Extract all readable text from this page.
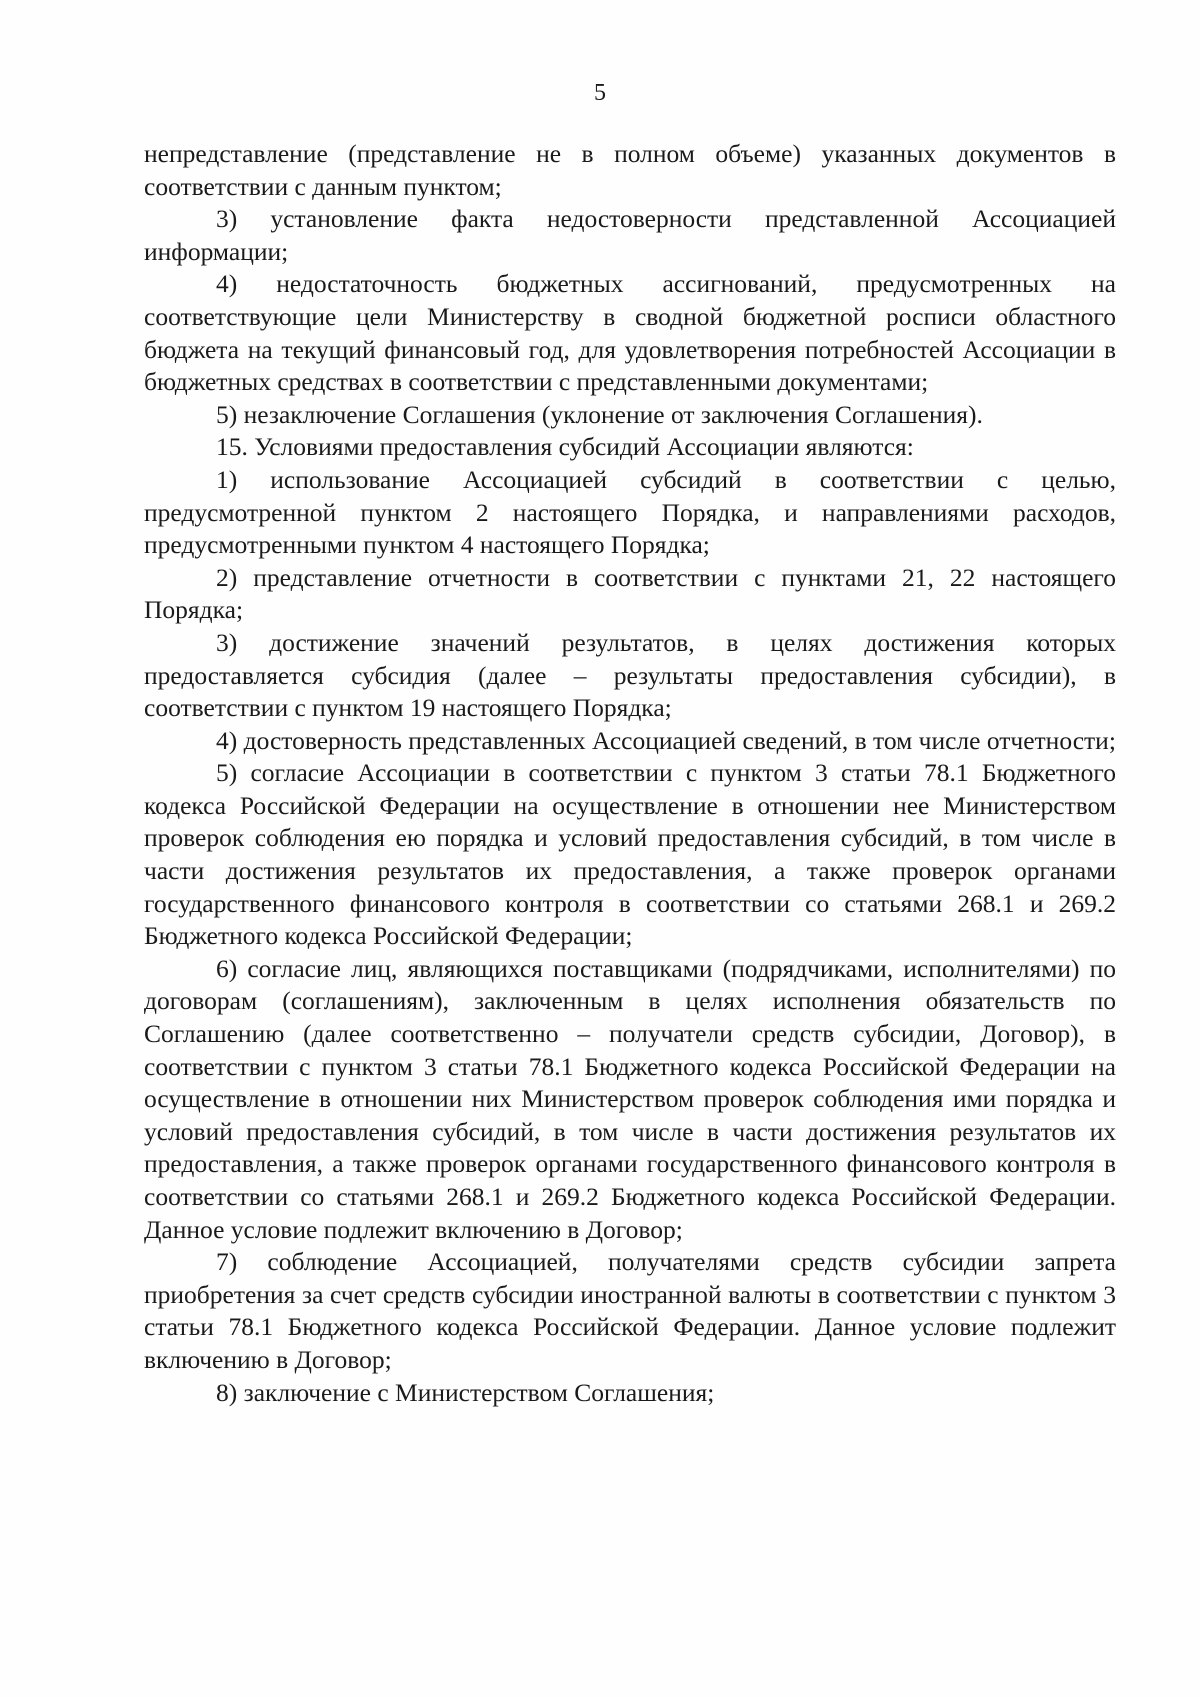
5

непредставление (представление не в полном объеме) указанных документов в соответствии с данным пунктом;

3) установление факта недостоверности представленной Ассоциацией информации;

4) недостаточность бюджетных ассигнований, предусмотренных на соответствующие цели Министерству в сводной бюджетной росписи областного бюджета на текущий финансовый год, для удовлетворения потребностей Ассоциации в бюджетных средствах в соответствии с представленными документами;

5) незаключение Соглашения (уклонение от заключения Соглашения).

15. Условиями предоставления субсидий Ассоциации являются:

1) использование Ассоциацией субсидий в соответствии с целью, предусмотренной пунктом 2 настоящего Порядка, и направлениями расходов, предусмотренными пунктом 4 настоящего Порядка;

2) представление отчетности в соответствии с пунктами 21, 22 настоящего Порядка;

3) достижение значений результатов, в целях достижения которых предоставляется субсидия (далее – результаты предоставления субсидии), в соответствии с пунктом 19 настоящего Порядка;

4) достоверность представленных Ассоциацией сведений, в том числе отчетности;

5) согласие Ассоциации в соответствии с пунктом 3 статьи 78.1 Бюджетного кодекса Российской Федерации на осуществление в отношении нее Министерством проверок соблюдения ею порядка и условий предоставления субсидий, в том числе в части достижения результатов их предоставления, а также проверок органами государственного финансового контроля в соответствии со статьями 268.1 и 269.2 Бюджетного кодекса Российской Федерации;

6) согласие лиц, являющихся поставщиками (подрядчиками, исполнителями) по договорам (соглашениям), заключенным в целях исполнения обязательств по Соглашению (далее соответственно – получатели средств субсидии, Договор), в соответствии с пунктом 3 статьи 78.1 Бюджетного кодекса Российской Федерации на осуществление в отношении них Министерством проверок соблюдения ими порядка и условий предоставления субсидий, в том числе в части достижения результатов их предоставления, а также проверок органами государственного финансового контроля в соответствии со статьями 268.1 и 269.2 Бюджетного кодекса Российской Федерации. Данное условие подлежит включению в Договор;

7) соблюдение Ассоциацией, получателями средств субсидии запрета приобретения за счет средств субсидии иностранной валюты в соответствии с пунктом 3 статьи 78.1 Бюджетного кодекса Российской Федерации. Данное условие подлежит включению в Договор;

8) заключение с Министерством Соглашения;
